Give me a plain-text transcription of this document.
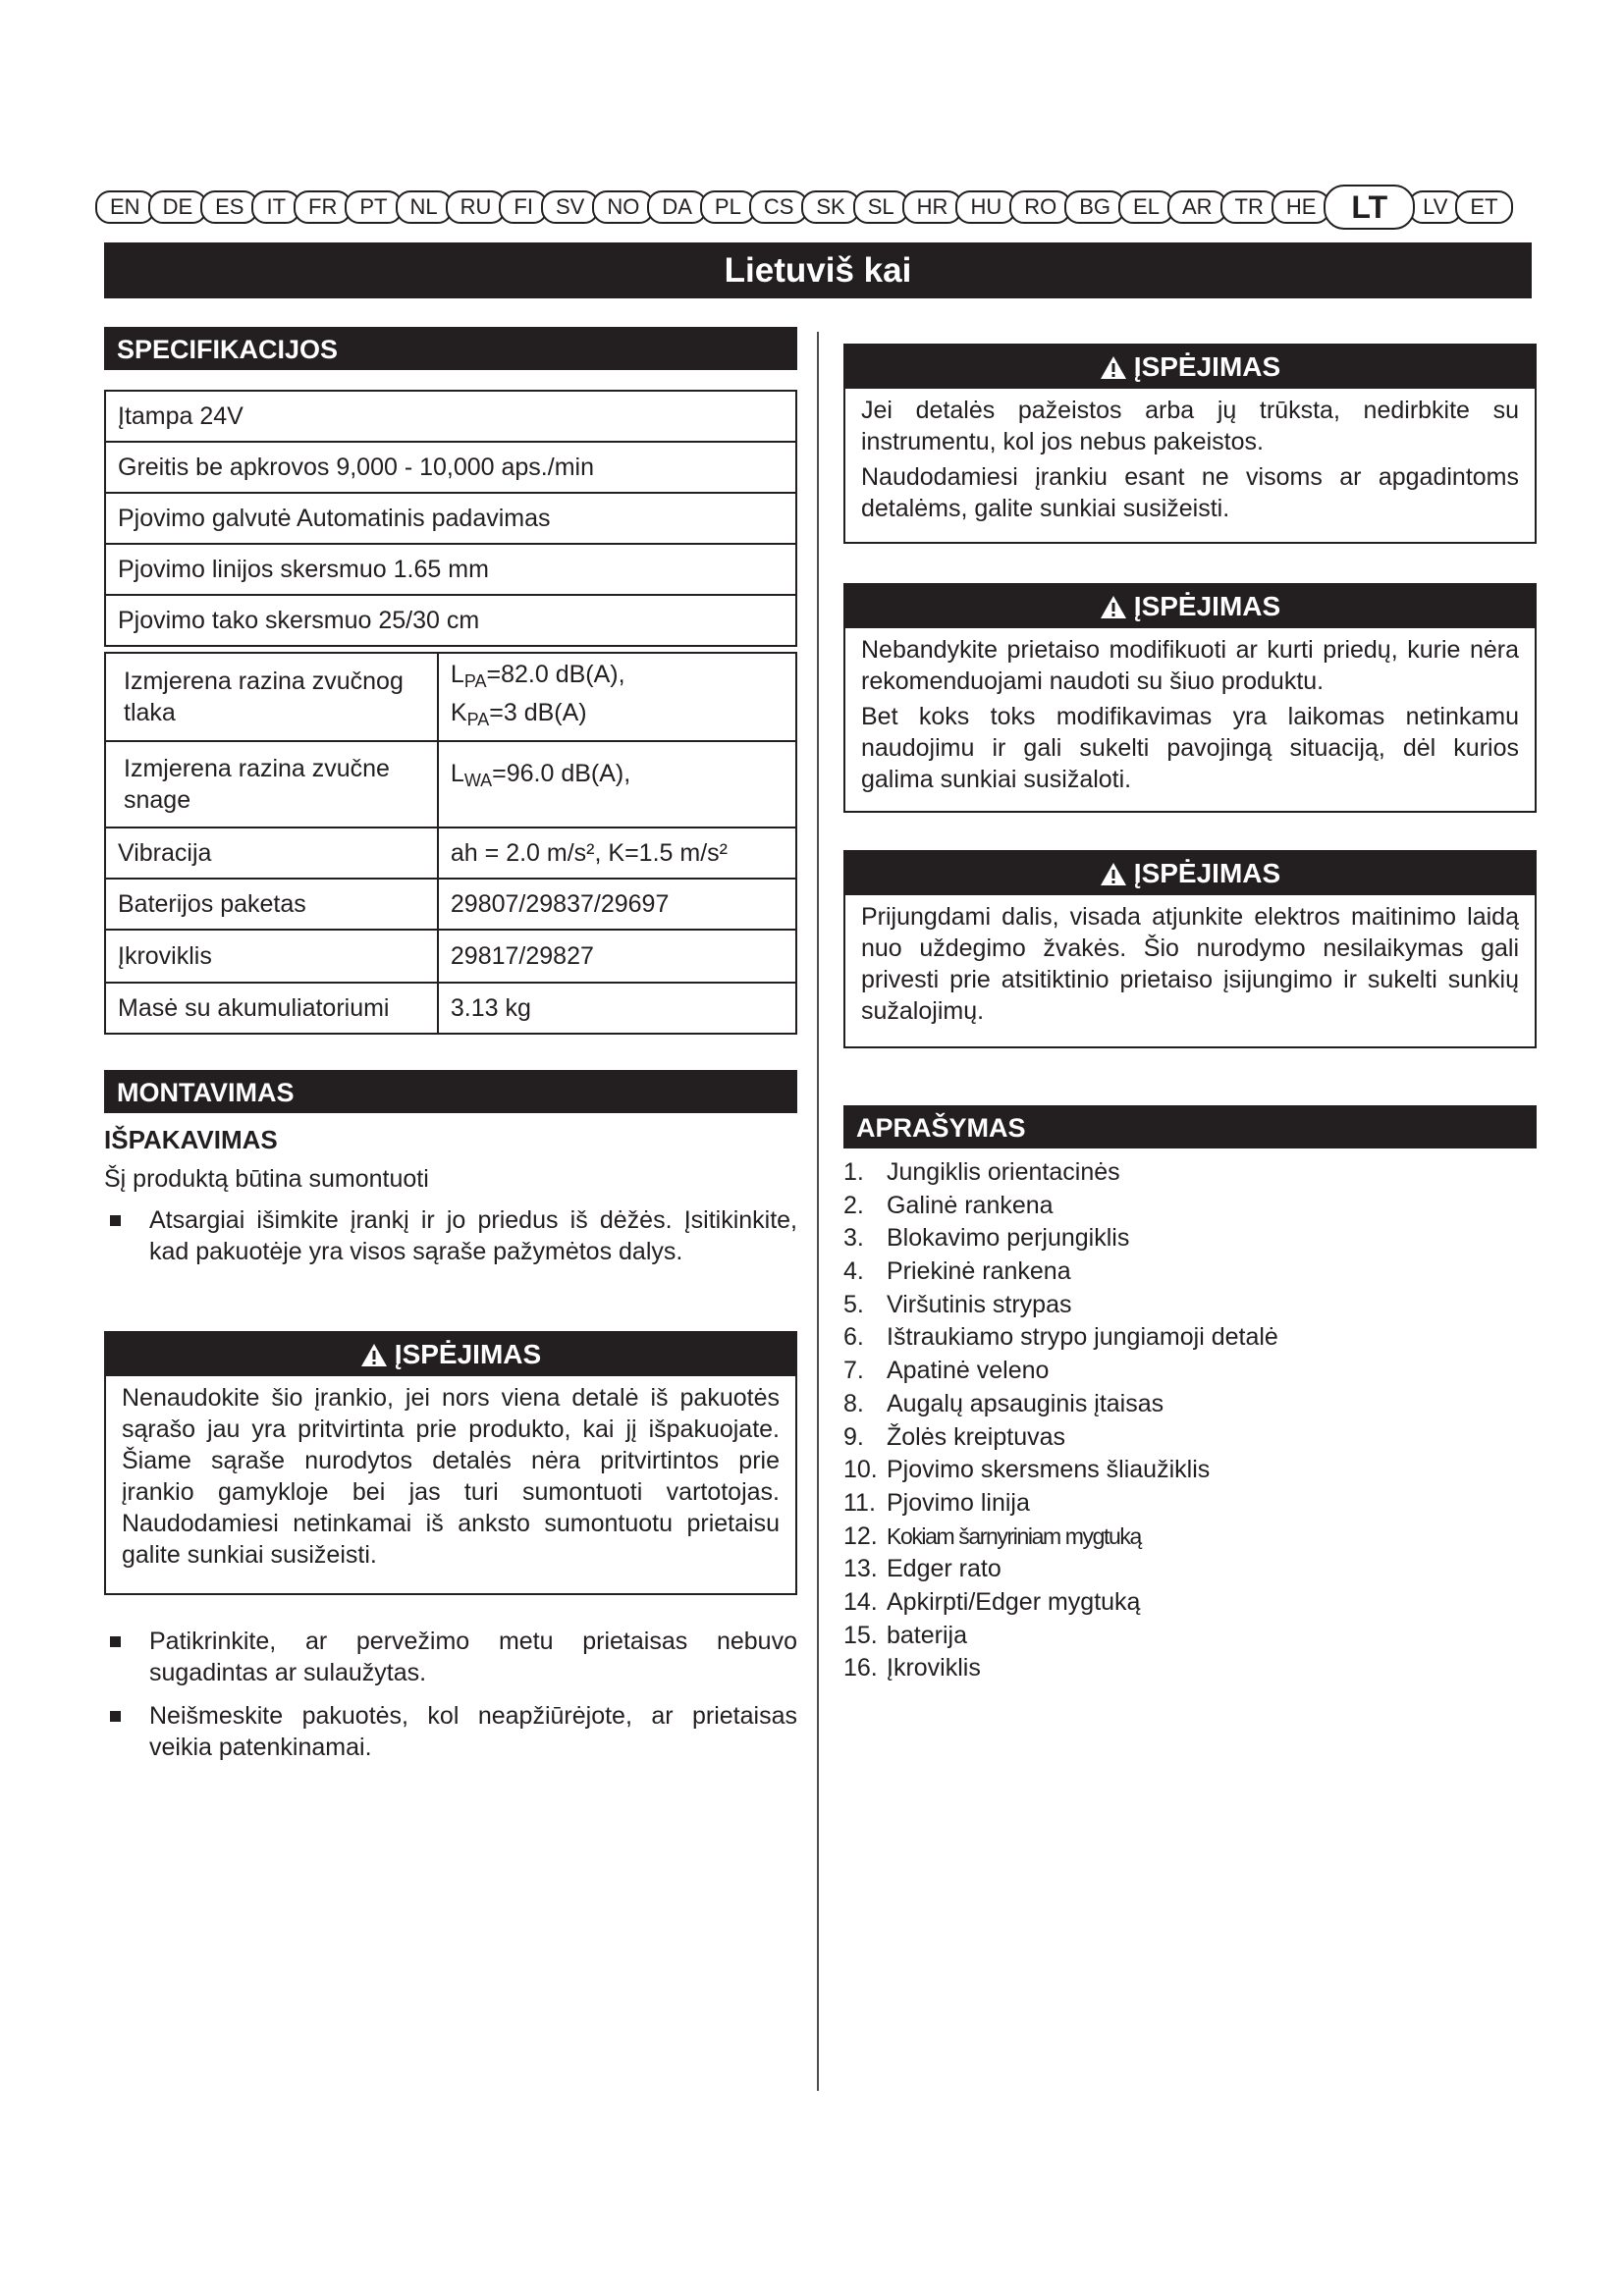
EN	DE	ES	IT	FR	PT	NL	RU	FI	SV	NO	DA	PL	CS	SK	SL	HR	HU	RO	BG	EL	AR	TR	HE	LT	LV	ET
Lietuviš kai
SPECIFIKACIJOS
Įtampa 24V
Greitis be apkrovos 9,000 - 10,000 aps./min
Pjovimo galvutė Automatinis padavimas
Pjovimo linijos skersmuo 1.65 mm
Pjovimo tako skersmuo 25/30 cm
Izmjerena razina zvučnog tlaka	$L_{PA}=82.0$ dB(A),
$K_{PA}=3$ dB(A)

Izmjerena razina zvučne snage	$L_{WA}=96.0$ dB(A),
Vibracija	ah = 2.0 m/s², K=1.5 m/s²
Baterijos paketas	29807/29837/29697
Įkroviklis	29817/29827
Masė su akumuliatoriumi	3.13 kg
MONTAVIMAS
IŠPAKAVIMAS
Šį produktą būtina sumontuoti
Atsargiai išimkite įrankį ir jo priedus iš dėžės. Įsitikinkite, kad pakuotėje yra visos sąraše pažymėtos dalys.
ĮSPĖJIMAS
Nenaudokite šio įrankio, jei nors viena detalė iš pakuotės sąrašo jau yra pritvirtinta prie produkto, kai jį išpakuojate. Šiame sąraše nurodytos detalės nėra pritvirtintos prie įrankio gamykloje bei jas turi sumontuoti vartotojas. Naudodamiesi netinkamai iš anksto sumontuotu prietaisu galite sunkiai susižeisti.
Patikrinkite, ar pervežimo metu prietaisas nebuvo sugadintas ar sulaužytas.
Neišmeskite pakuotės, kol neapžiūrėjote, ar prietaisas veikia patenkinamai.
ĮSPĖJIMAS

Jei detalės pažeistos arba jų trūksta, nedirbkite su instrumentu, kol jos nebus pakeistos.

Naudodamiesi įrankiu esant ne visoms ar apgadintoms detalėms, galite sunkiai susižeisti.

ĮSPĖJIMAS

Nebandykite prietaiso modifikuoti ar kurti priedų, kurie nėra rekomenduojami naudoti su šiuo produktu.

Bet koks toks modifikavimas yra laikomas netinkamu naudojimu ir gali sukelti pavojingą situaciją, dėl kurios galima sunkiai susižaloti.

ĮSPĖJIMAS

Prijungdami dalis, visada atjunkite elektros maitinimo laidą nuo uždegimo žvakės. Šio nurodymo nesilaikymas gali privesti prie atsitiktinio prietaiso įsijungimo ir sukelti sunkių sužalojimų.

APRAŠYMAS
1. Jungiklis orientacinės
2. Galinė rankena
3. Blokavimo perjungiklis
4. Priekinė rankena
5. Viršutinis strypas
6. Ištraukiamo strypo jungiamoji detalė
7. Apatinė veleno
8. Augalų apsauginis įtaisas
9. Žolės kreiptuvas
10. Pjovimo skersmens šliaužiklis
11. Pjovimo linija
12. Kokiam šarnyriniam mygtuką
13. Edger rato
14. Apkirpti/Edger mygtuką
15. baterija
16. Įkroviklis
